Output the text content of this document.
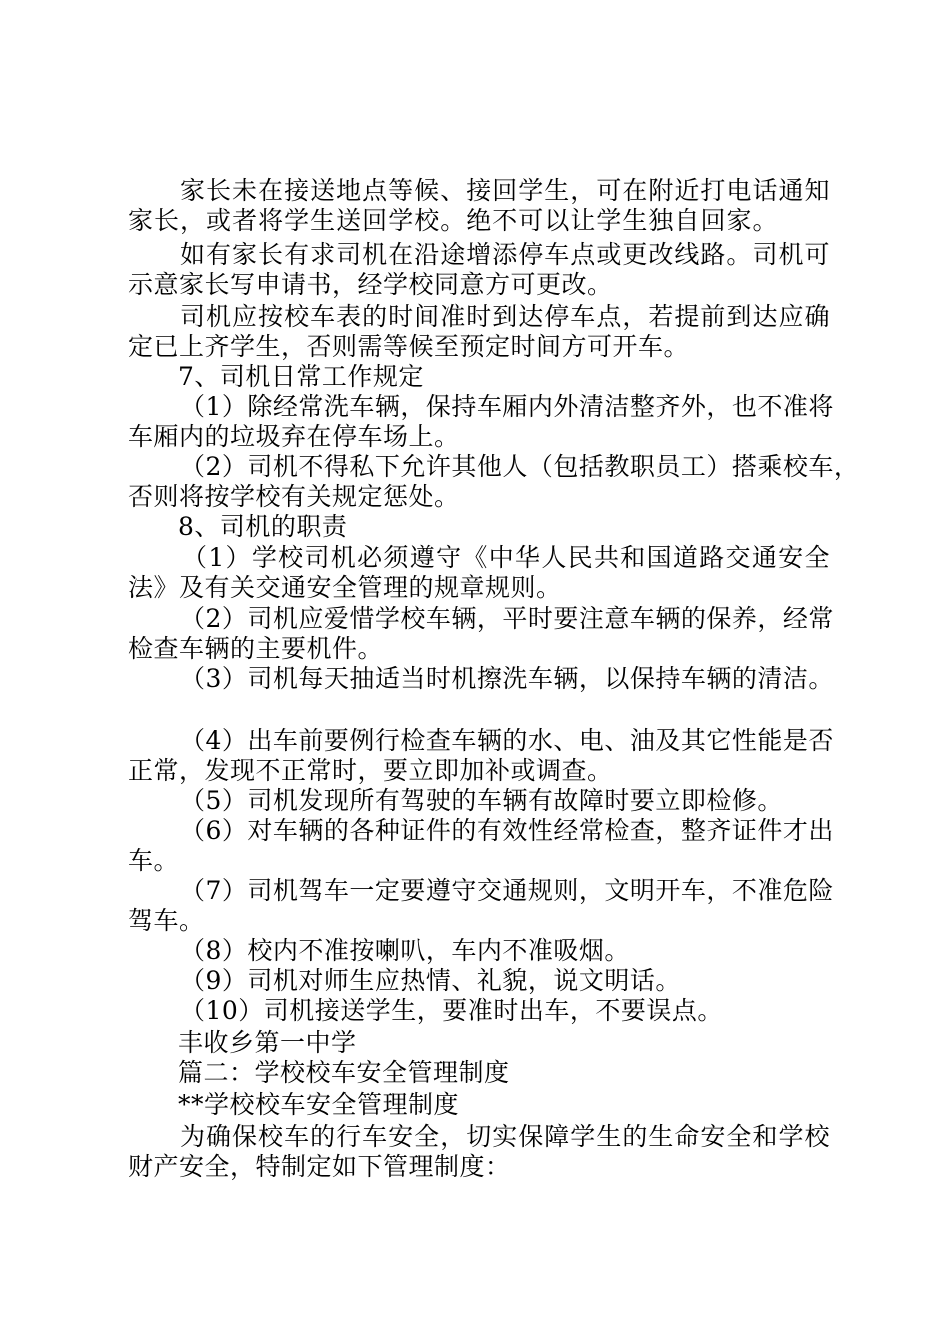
家长未在接送地点等候、接回学生，可在附近打电话通知
家长，或者将学生送回学校。绝不可以让学生独自回家。
如有家长有求司机在沿途增添停车点或更改线路。司机可
示意家长写申请书，经学校同意方可更改。
司机应按校车表的时间准时到达停车点，若提前到达应确
定已上齐学生，否则需等候至预定时间方可开车。
7、司机日常工作规定
（1）除经常洗车辆，保持车厢内外清洁整齐外，也不准将
车厢内的垃圾弃在停车场上。
（2）司机不得私下允许其他人（包括教职员工）搭乘校车，
否则将按学校有关规定惩处。
8、司机的职责
（1）学校司机必须遵守《中华人民共和国道路交通安全
法》及有关交通安全管理的规章规则。
（2）司机应爱惜学校车辆，平时要注意车辆的保养，经常
检查车辆的主要机件。
（3）司机每天抽适当时机擦洗车辆，以保持车辆的清洁。
（4）出车前要例行检查车辆的水、电、油及其它性能是否
正常，发现不正常时，要立即加补或调查。
（5）司机发现所有驾驶的车辆有故障时要立即检修。
（6）对车辆的各种证件的有效性经常检查，整齐证件才出
车。
（7）司机驾车一定要遵守交通规则，文明开车，不准危险
驾车。
（8）校内不准按喇叭，车内不准吸烟。
（9）司机对师生应热情、礼貌，说文明话。
（10）司机接送学生，要准时出车，不要误点。
丰收乡第一中学
篇二：学校校车安全管理制度
**学校校车安全管理制度
为确保校车的行车安全，切实保障学生的生命安全和学校
财产安全，特制定如下管理制度：
